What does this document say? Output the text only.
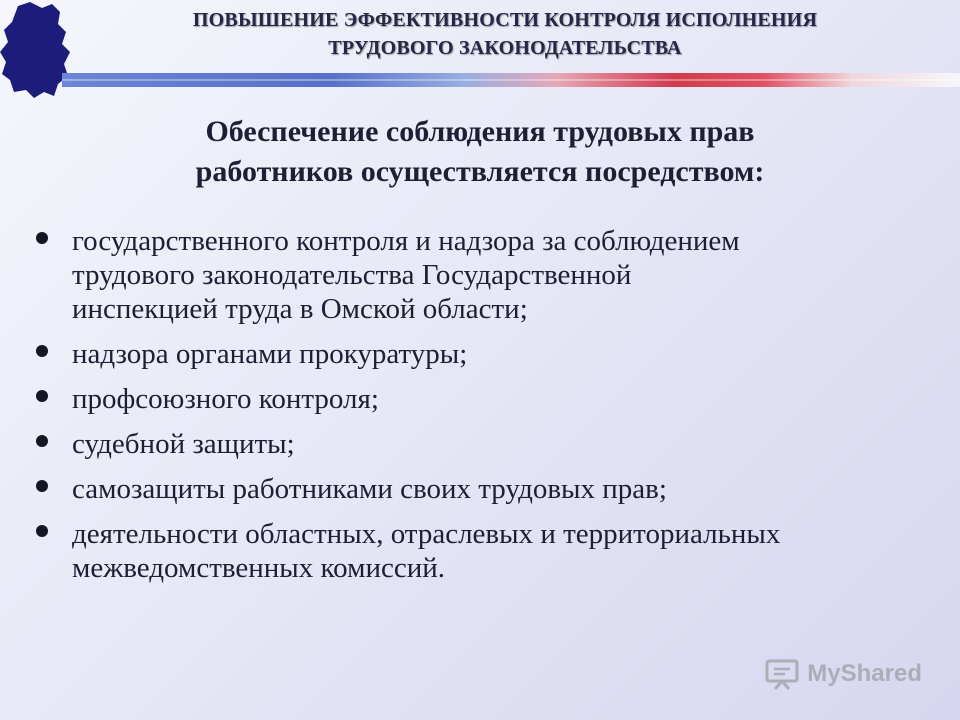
ПОВЫШЕНИЕ ЭФФЕКТИВНОСТИ КОНТРОЛЯ ИСПОЛНЕНИЯ
ТРУДОВОГО ЗАКОНОДАТЕЛЬСТВА
Обеспечение соблюдения трудовых прав
работников осуществляется посредством:
государственного контроля и надзора за соблюдением
трудового законодательства Государственной
инспекцией труда в Омской области;
надзора органами прокуратуры;
профсоюзного контроля;
судебной защиты;
самозащиты работниками своих трудовых прав;
деятельности областных, отраслевых и территориальных
межведомственных комиссий.
MyShared
